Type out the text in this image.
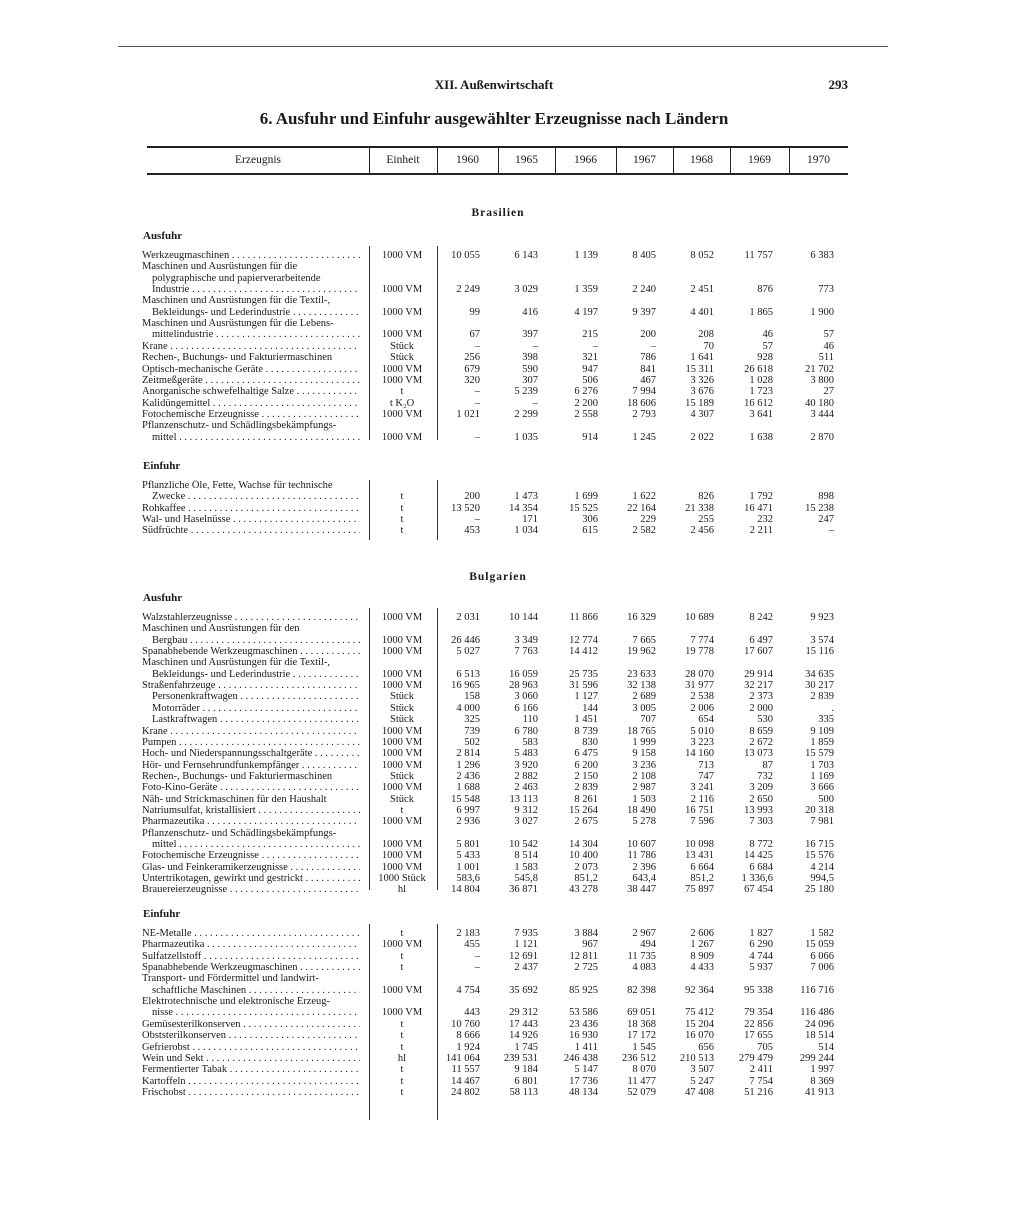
XII. Außenwirtschaft	293
6. Ausfuhr und Einfuhr ausgewählter Erzeugnisse nach Ländern
Erzeugnis	Einheit	1960	1965	1966	1967	1968	1969	1970
Brasilien
Ausfuhr
Werkzeugmaschinen . . .	1000 VM	10 055	6 143	1 139	8 405	8 052	11 757	6 383
Maschinen und Ausrüstungen für die
polygraphische und papierverarbeitende
Industrie . . .	1000 VM	2 249	3 029	1 359	2 240	2 451	876	773
Maschinen und Ausrüstungen für die Textil-,
Bekleidungs- und Lederindustrie . . .	1000 VM	99	416	4 197	9 397	4 401	1 865	1 900
Maschinen und Ausrüstungen für die Lebens-
mittelindustrie . . .	1000 VM	67	397	215	200	208	46	57
Krane . . .	Stück	–	–	–	–	70	57	46
Rechen-, Buchungs- und Fakturiermaschinen	Stück	256	398	321	786	1 641	928	511
Optisch-mechanische Geräte . . .	1000 VM	679	590	947	841	15 311	26 618	21 702
Zeitmeßgeräte . . .	1000 VM	320	307	506	467	3 326	1 028	3 800
Anorganische schwefelhaltige Salze . . .	t	–	5 239	6 276	7 994	3 676	1 723	27
Kalidüngemittel . . .	t K₂O	–	–	2 200	18 606	15 189	16 612	40 180
Fotochemische Erzeugnisse . . .	1000 VM	1 021	2 299	2 558	2 793	4 307	3 641	3 444
Pflanzenschutz- und Schädlingsbekämpfungs-
mittel . . .	1000 VM	–	1 035	914	1 245	2 022	1 638	2 870
Einfuhr
Pflanzliche Öle, Fette, Wachse für technische
Zwecke . . .	t	200	1 473	1 699	1 622	826	1 792	898
Rohkaffee . . .	t	13 520	14 354	15 525	22 164	21 338	16 471	15 238
Wal- und Haselnüsse . . .	t	–	171	306	229	255	232	247
Südfrüchte . . .	t	453	1 034	615	2 582	2 456	2 211	–
Bulgarien
Ausfuhr
Walzstahlerzeugnisse . . .	1000 VM	2 031	10 144	11 866	16 329	10 689	8 242	9 923
Maschinen und Ausrüstungen für den
Bergbau . . .	1000 VM	26 446	3 349	12 774	7 665	7 774	6 497	3 574
Spanabhebende Werkzeugmaschinen . . .	1000 VM	5 027	7 763	14 412	19 962	19 778	17 607	15 116
Maschinen und Ausrüstungen für die Textil-,
Bekleidungs- und Lederindustrie . . .	1000 VM	6 513	16 059	25 735	23 633	28 070	29 914	34 635
Straßenfahrzeuge . . .	1000 VM	16 965	28 963	31 596	32 138	31 977	32 217	30 217
Personenkraftwagen . . .	Stück	158	3 060	1 127	2 689	2 538	2 373	2 839
Motorräder . . .	Stück	4 000	6 166	144	3 005	2 006	2 000	.
Lastkraftwagen . . .	Stück	325	110	1 451	707	654	530	335
Krane . . .	1000 VM	739	6 780	8 739	18 765	5 010	8 659	9 109
Pumpen . . .	1000 VM	502	583	830	1 999	3 223	2 672	1 859
Hoch- und Niederspannungsschaltgeräte . . .	1000 VM	2 814	5 483	6 475	9 158	14 160	13 073	15 579
Hör- und Fernsehrundfunkempfänger . . .	1000 VM	1 296	3 920	6 200	3 236	713	87	1 703
Rechen-, Buchungs- und Fakturiermaschinen	Stück	2 436	2 882	2 150	2 108	747	732	1 169
Foto-Kino-Geräte . . .	1000 VM	1 688	2 463	2 839	2 987	3 241	3 209	3 666
Näh- und Strickmaschinen für den Haushalt	Stück	15 548	13 113	8 261	1 503	2 116	2 650	500
Natriumsulfat, kristallisiert . . .	t	6 997	9 312	15 264	18 490	16 751	13 993	20 318
Pharmazeutika . . .	1000 VM	2 936	3 027	2 675	5 278	7 596	7 303	7 981
Pflanzenschutz- und Schädlingsbekämpfungs-
mittel . . .	1000 VM	5 801	10 542	14 304	10 607	10 098	8 772	16 715
Fotochemische Erzeugnisse . . .	1000 VM	5 433	8 514	10 400	11 786	13 431	14 425	15 576
Glas- und Feinkeramikerzeugnisse . . .	1000 VM	1 001	1 583	2 073	2 396	6 664	6 684	4 214
Untertrikotagen, gewirkt und gestrickt . . .	1000 Stück	583,6	545,8	851,2	643,4	851,2	1 336,6	994,5
Brauereierzeugnisse . . .	hl	14 804	36 871	43 278	38 447	75 897	67 454	25 180
Einfuhr
NE-Metalle . . .	t	2 183	7 935	3 884	2 967	2 606	1 827	1 582
Pharmazeutika . . .	1000 VM	455	1 121	967	494	1 267	6 290	15 059
Sulfatzellstoff . . .	t	–	12 691	12 811	11 735	8 909	4 744	6 066
Spanabhebende Werkzeugmaschinen . . .	t	–	2 437	2 725	4 083	4 433	5 937	7 006
Transport- und Fördermittel und landwirt-
schaftliche Maschinen . . .	1000 VM	4 754	35 692	85 925	82 398	92 364	95 338	116 716
Elektrotechnische und elektronische Erzeug-
nisse . . .	1000 VM	443	29 312	53 586	69 051	75 412	79 354	116 486
Gemüsesterilkonserven . . .	t	10 760	17 443	23 436	18 368	15 204	22 856	24 096
Obststerilkonserven . . .	t	8 666	14 926	16 930	17 172	16 070	17 655	18 514
Gefrierobst . . .	t	1 924	1 745	1 411	1 545	656	705	514
Wein und Sekt . . .	hl	141 064	239 531	246 438	236 512	210 513	279 479	299 244
Fermentierter Tabak . . .	t	11 557	9 184	5 147	8 070	3 507	2 411	1 997
Kartoffeln . . .	t	14 467	6 801	17 736	11 477	5 247	7 754	8 369
Frischobst . . .	t	24 802	58 113	48 134	52 079	47 408	51 216	41 913
